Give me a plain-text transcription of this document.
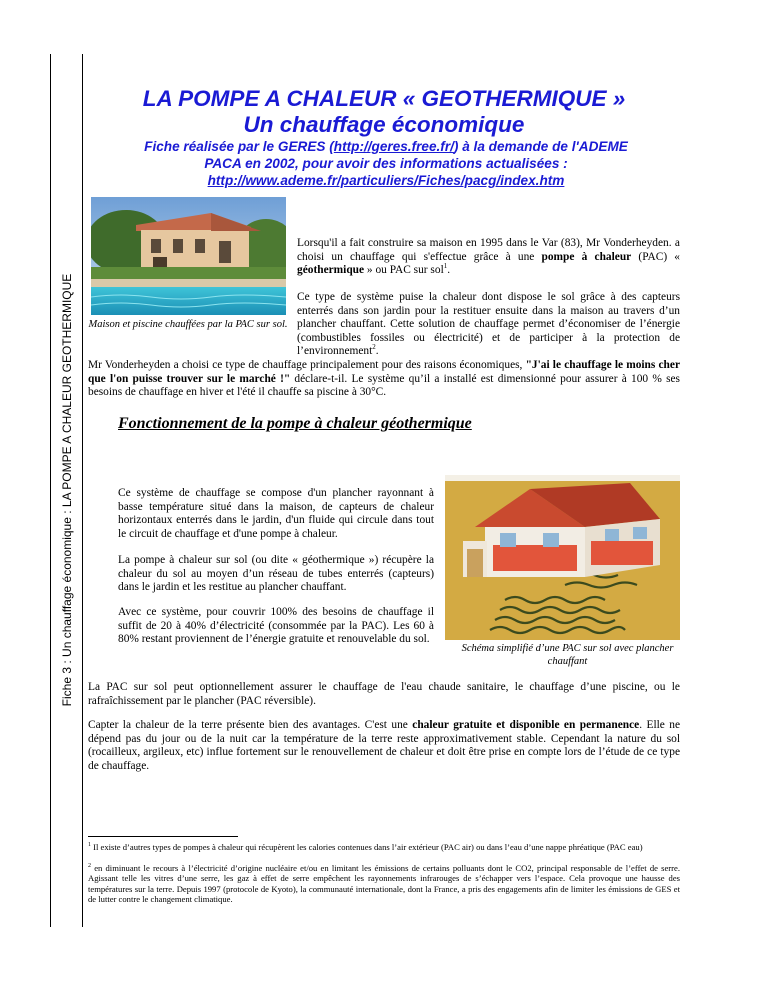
Fiche 3 : Un chauffage économique : LA POMPE A CHALEUR GEOTHERMIQUE
LA POMPE A CHALEUR « GEOTHERMIQUE »
Un chauffage économique
Fiche réalisée par le GERES (http://geres.free.fr/) à la demande de l'ADEME
PACA en 2002, pour avoir des informations actualisées :
http://www.ademe.fr/particuliers/Fiches/pacg/index.htm
Maison et piscine chauffées par la PAC sur sol.

Lorsqu'il a fait construire sa maison en 1995 dans le Var (83), Mr Vonderheyden. a choisi un chauffage qui s'effectue grâce à une pompe à chaleur (PAC) « géothermique » ou PAC sur sol$^1$.

Ce type de système puise la chaleur dont dispose le sol grâce à des capteurs enterrés dans son jardin pour la restituer ensuite dans la maison au travers d’un plancher chauffant. Cette solution de chauffage permet d’économiser de l’énergie (combustibles fossiles ou électricité) et de participer à la protection de l’environnement$^2$.

Mr Vonderheyden a choisi ce type de chauffage principalement pour des raisons économiques, "J'ai le chauffage le moins cher que l'on puisse trouver sur le marché !" déclare-t-il. Le système qu’il a installé est dimensionné pour assurer à 100 % ses besoins de chauffage en hiver et l'été il chauffe sa piscine à 30°C.

Fonctionnement de la pompe à chaleur géothermique

Ce système de chauffage se compose d'un plancher rayonnant à basse température situé dans la maison, de capteurs de chaleur horizontaux enterrés dans le jardin, d'un fluide qui circule dans tout le circuit de chauffage et d'une pompe à chaleur.

La pompe à chaleur sur sol (ou dite « géothermique ») récupère la chaleur du sol au moyen d’un réseau de tubes enterrés (capteurs) dans le jardin et les restitue au plancher chauffant.

Avec ce système, pour couvrir 100% des besoins de chauffage il suffit de 20 à 40% d’électricité (consommée par la PAC). Les 60 à 80% restant proviennent de l’énergie gratuite et renouvelable du sol.

Schéma simplifié d’une PAC sur sol avec plancher chauffant

La PAC sur sol peut optionnellement assurer le chauffage de l'eau chaude sanitaire, le chauffage d’une piscine, ou le rafraîchissement par le plancher (PAC réversible).

Capter la chaleur de la terre présente bien des avantages. C'est une chaleur gratuite et disponible en permanence. Elle ne dépend pas du jour ou de la nuit car la température de la terre reste approximativement stable. Cependant la nature du sol (rocailleux, argileux, etc) influe fortement sur le renouvellement de chaleur et doit être prise en compte lors de l’étude de ce type de chauffage.

$^1$ Il existe d’autres types de pompes à chaleur qui récupèrent les calories contenues dans l’air extérieur (PAC air) ou dans l’eau d’une nappe phréatique (PAC eau)

$^2$ en diminuant le recours à l’électricité d’origine nucléaire et/ou en limitant les émissions de certains polluants dont le CO2, principal responsable de l’effet de serre. Agissant telle les vitres d’une serre, les gaz à effet de serre empêchent les rayonnements infrarouges de s’échapper vers l’espace. Cela provoque une hausse des températures sur la terre. Depuis 1997 (protocole de Kyoto), la communauté internationale, dont la France, a pris des engagements afin de limiter les émissions de GES et de lutter contre le changement climatique.
